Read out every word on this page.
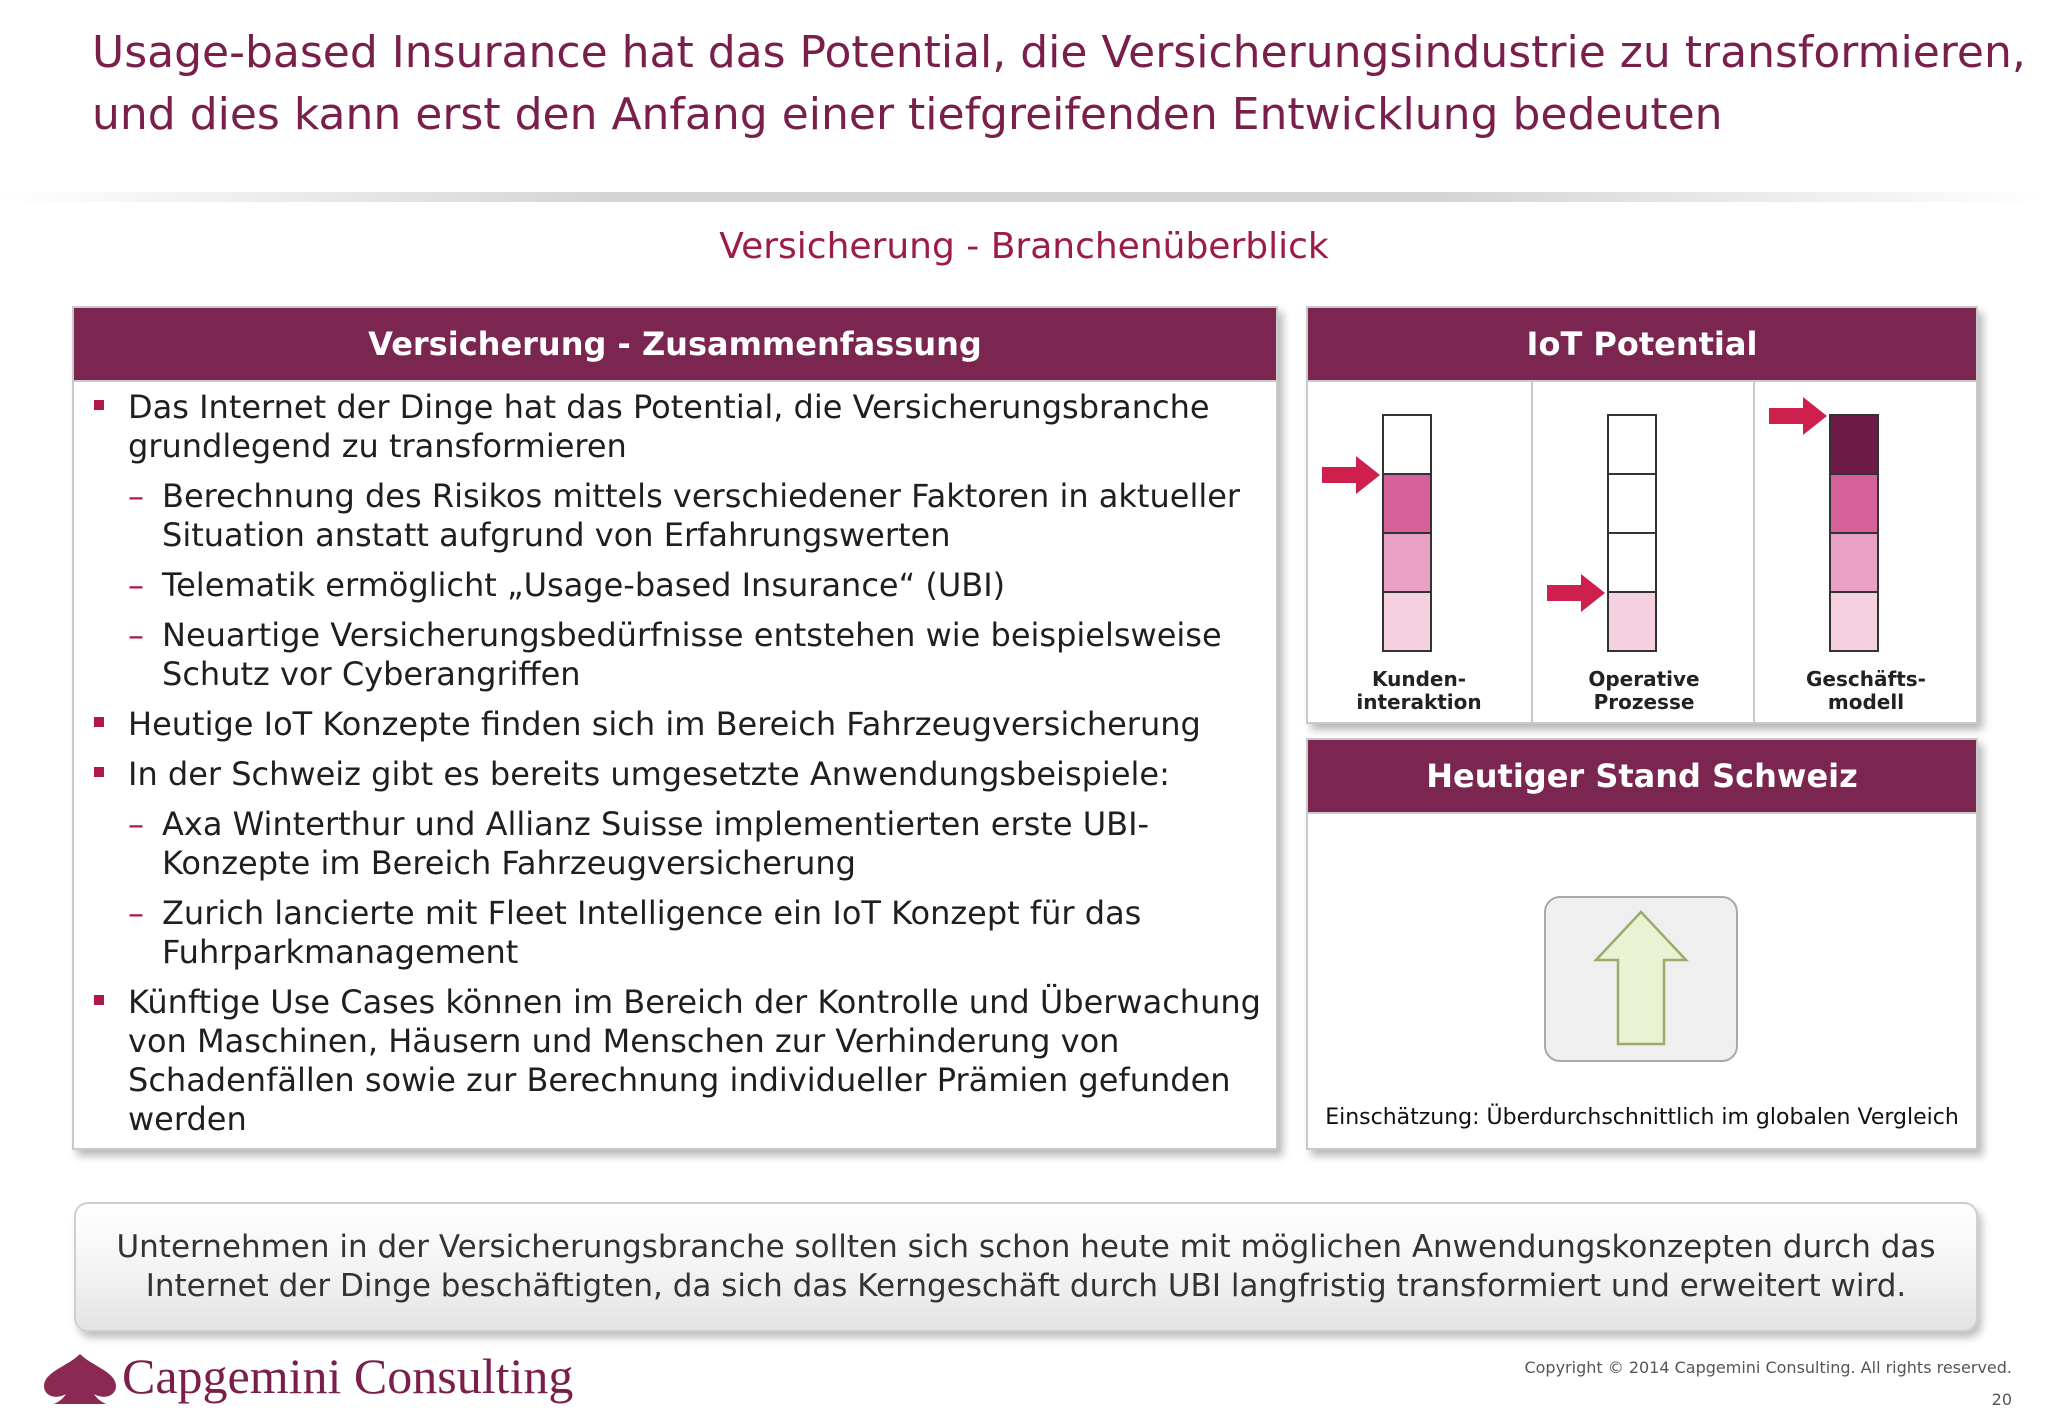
Usage-based Insurance hat das Potential, die Versicherungsindustrie zu transformieren,
und dies kann erst den Anfang einer tiefgreifenden Entwicklung bedeuten
Versicherung - Branchenüberblick
Versicherung - Zusammenfassung
Das Internet der Dinge hat das Potential, die Versicherungsbranche grundlegend zu transformieren
– Berechnung des Risikos mittels verschiedener Faktoren in aktueller Situation anstatt aufgrund von Erfahrungswerten
– Telematik ermöglicht „Usage-based Insurance“ (UBI)
– Neuartige Versicherungsbedürfnisse entstehen wie beispielsweise Schutz vor Cyberangriffen
Heutige IoT Konzepte finden sich im Bereich Fahrzeugversicherung
In der Schweiz gibt es bereits umgesetzte Anwendungsbeispiele:
– Axa Winterthur und Allianz Suisse implementierten erste UBI-Konzepte im Bereich Fahrzeugversicherung
– Zurich lancierte mit Fleet Intelligence ein IoT Konzept für das Fuhrparkmanagement
Künftige Use Cases können im Bereich der Kontrolle und Überwachung von Maschinen, Häusern und Menschen zur Verhinderung von Schadenfällen sowie zur Berechnung individueller Prämien gefunden werden
IoT Potential
Kunden-
interaktion
Operative
Prozesse
Geschäfts-
modell
Heutiger Stand Schweiz
Einschätzung: Überdurchschnittlich im globalen Vergleich
Unternehmen in der Versicherungsbranche sollten sich schon heute mit möglichen Anwendungskonzepten durch das
Internet der Dinge beschäftigten, da sich das Kerngeschäft durch UBI langfristig transformiert und erweitert wird.
Capgemini Consulting	Copyright © 2014 Capgemini Consulting. All rights reserved.
20
